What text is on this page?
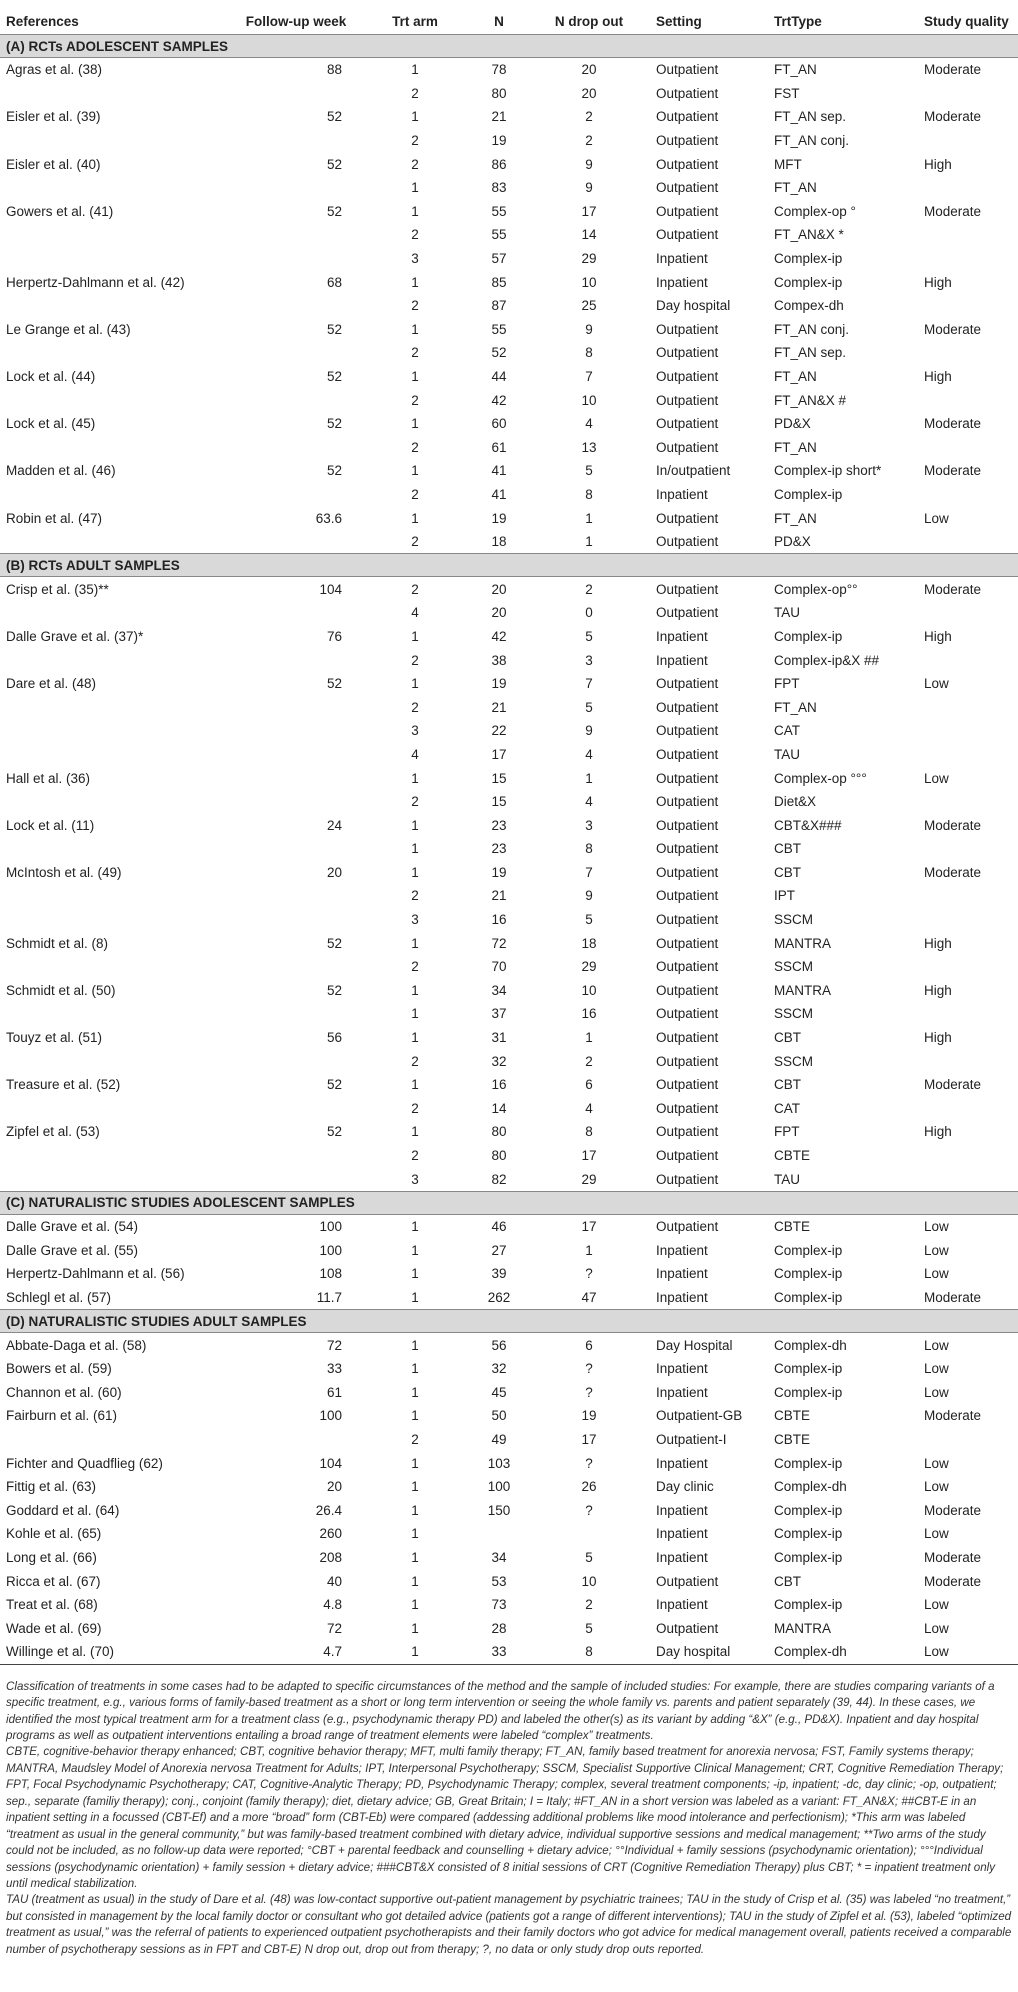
References	Follow-up week	Trt arm	N	N drop out	Setting	TrtType	Study quality
(A) RCTs ADOLESCENT SAMPLES							
Agras et al. (38)	88	1	78	20	Outpatient	FT_AN	Moderate
		2	80	20	Outpatient	FST	
Eisler et al. (39)	52	1	21	2	Outpatient	FT_AN sep.	Moderate
		2	19	2	Outpatient	FT_AN conj.	
Eisler et al. (40)	52	2	86	9	Outpatient	MFT	High
		1	83	9	Outpatient	FT_AN	
Gowers et al. (41)	52	1	55	17	Outpatient	Complex-op °	Moderate
		2	55	14	Outpatient	FT_AN&X *	
		3	57	29	Inpatient	Complex-ip	
Herpertz-Dahlmann et al. (42)	68	1	85	10	Inpatient	Complex-ip	High
		2	87	25	Day hospital	Compex-dh	
Le Grange et al. (43)	52	1	55	9	Outpatient	FT_AN conj.	Moderate
		2	52	8	Outpatient	FT_AN sep.	
Lock et al. (44)	52	1	44	7	Outpatient	FT_AN	High
		2	42	10	Outpatient	FT_AN&X #	
Lock et al. (45)	52	1	60	4	Outpatient	PD&X	Moderate
		2	61	13	Outpatient	FT_AN	
Madden et al. (46)	52	1	41	5	In/outpatient	Complex-ip short*	Moderate
		2	41	8	Inpatient	Complex-ip	
Robin et al. (47)	63.6	1	19	1	Outpatient	FT_AN	Low
		2	18	1	Outpatient	PD&X	
(B) RCTs ADULT SAMPLES							
Crisp et al. (35)**	104	2	20	2	Outpatient	Complex-op°°	Moderate
		4	20	0	Outpatient	TAU	
Dalle Grave et al. (37)*	76	1	42	5	Inpatient	Complex-ip	High
		2	38	3	Inpatient	Complex-ip&X ##	
Dare et al. (48)	52	1	19	7	Outpatient	FPT	Low
		2	21	5	Outpatient	FT_AN	
		3	22	9	Outpatient	CAT	
		4	17	4	Outpatient	TAU	
Hall et al. (36)		1	15	1	Outpatient	Complex-op °°°	Low
		2	15	4	Outpatient	Diet&X	
Lock et al. (11)	24	1	23	3	Outpatient	CBT&X###	Moderate
		1	23	8	Outpatient	CBT	
McIntosh et al. (49)	20	1	19	7	Outpatient	CBT	Moderate
		2	21	9	Outpatient	IPT	
		3	16	5	Outpatient	SSCM	
Schmidt et al. (8)	52	1	72	18	Outpatient	MANTRA	High
		2	70	29	Outpatient	SSCM	
Schmidt et al. (50)	52	1	34	10	Outpatient	MANTRA	High
		1	37	16	Outpatient	SSCM	
Touyz et al. (51)	56	1	31	1	Outpatient	CBT	High
		2	32	2	Outpatient	SSCM	
Treasure et al. (52)	52	1	16	6	Outpatient	CBT	Moderate
		2	14	4	Outpatient	CAT	
Zipfel et al. (53)	52	1	80	8	Outpatient	FPT	High
		2	80	17	Outpatient	CBTE	
		3	82	29	Outpatient	TAU	
(C) NATURALISTIC STUDIES ADOLESCENT SAMPLES							
Dalle Grave et al. (54)	100	1	46	17	Outpatient	CBTE	Low
Dalle Grave et al. (55)	100	1	27	1	Inpatient	Complex-ip	Low
Herpertz-Dahlmann et al. (56)	108	1	39	?	Inpatient	Complex-ip	Low
Schlegl et al. (57)	11.7	1	262	47	Inpatient	Complex-ip	Moderate
(D) NATURALISTIC STUDIES ADULT SAMPLES							
Abbate-Daga et al. (58)	72	1	56	6	Day Hospital	Complex-dh	Low
Bowers et al. (59)	33	1	32	?	Inpatient	Complex-ip	Low
Channon et al. (60)	61	1	45	?	Inpatient	Complex-ip	Low
Fairburn et al. (61)	100	1	50	19	Outpatient-GB	CBTE	Moderate
		2	49	17	Outpatient-I	CBTE	
Fichter and Quadflieg (62)	104	1	103	?	Inpatient	Complex-ip	Low
Fittig et al. (63)	20	1	100	26	Day clinic	Complex-dh	Low
Goddard et al. (64)	26.4	1	150	?	Inpatient	Complex-ip	Moderate
Kohle et al. (65)	260	1			Inpatient	Complex-ip	Low
Long et al. (66)	208	1	34	5	Inpatient	Complex-ip	Moderate
Ricca et al. (67)	40	1	53	10	Outpatient	CBT	Moderate
Treat et al. (68)	4.8	1	73	2	Inpatient	Complex-ip	Low
Wade et al. (69)	72	1	28	5	Outpatient	MANTRA	Low
Willinge et al. (70)	4.7	1	33	8	Day hospital	Complex-dh	Low

Classification of treatments in some cases had to be adapted to specific circumstances of the method and the sample of included studies: For example, there are studies comparing variants of a specific treatment, e.g., various forms of family-based treatment as a short or long term intervention or seeing the whole family vs. parents and patient separately (39, 44). In these cases, we identified the most typical treatment arm for a treatment class (e.g., psychodynamic therapy PD) and labeled the other(s) as its variant by adding “&X” (e.g., PD&X). Inpatient and day hospital programs as well as outpatient interventions entailing a broad range of treatment elements were labeled “complex” treatments.

CBTE, cognitive-behavior therapy enhanced; CBT, cognitive behavior therapy; MFT, multi family therapy; FT_AN, family based treatment for anorexia nervosa; FST, Family systems therapy; MANTRA, Maudsley Model of Anorexia nervosa Treatment for Adults; IPT, Interpersonal Psychotherapy; SSCM, Specialist Supportive Clinical Management; CRT, Cognitive Remediation Therapy; FPT, Focal Psychodynamic Psychotherapy; CAT, Cognitive-Analytic Therapy; PD, Psychodynamic Therapy; complex, several treatment components; -ip, inpatient; -dc, day clinic; -op, outpatient; sep., separate (familiy therapy); conj., conjoint (family therapy); diet, dietary advice; GB, Great Britain; I = Italy; #FT_AN in a short version was labeled as a variant: FT_AN&X; ##CBT-E in an inpatient setting in a focussed (CBT-Ef) and a more “broad” form (CBT-Eb) were compared (addessing additional problems like mood intolerance and perfectionism); *This arm was labeled “treatment as usual in the general community,” but was family-based treatment combined with dietary advice, individual supportive sessions and medical management; **Two arms of the study could not be included, as no follow-up data were reported; °CBT + parental feedback and counselling + dietary advice; °°Individual + family sessions (psychodynamic orientation); °°°Individual sessions (psychodynamic orientation) + family session + dietary advice; ###CBT&X consisted of 8 initial sessions of CRT (Cognitive Remediation Therapy) plus CBT; * = inpatient treatment only until medical stabilization.

TAU (treatment as usual) in the study of Dare et al. (48) was low-contact supportive out-patient management by psychiatric trainees; TAU in the study of Crisp et al. (35) was labeled “no treatment,” but consisted in management by the local family doctor or consultant who got detailed advice (patients got a range of different interventions); TAU in the study of Zipfel et al. (53), labeled “optimized treatment as usual,” was the referral of patients to experienced outpatient psychotherapists and their family doctors who got advice for medical management overall, patients received a comparable number of psychotherapy sessions as in FPT and CBT-E) N drop out, drop out from therapy; ?, no data or only study drop outs reported.
